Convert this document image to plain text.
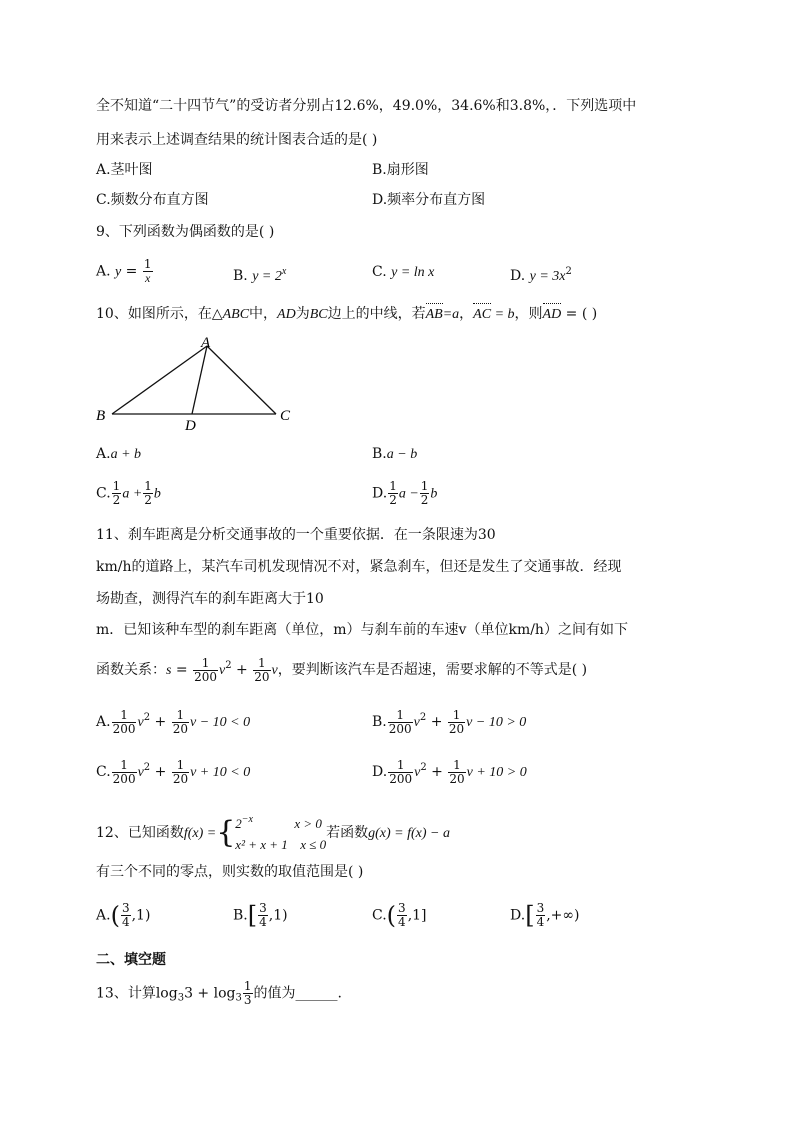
全不知道“二十四节气”的受访者分别占12.6%，49.0%，34.6%和3.8%，．下列选项中
用来表示上述调查结果的统计图表合适的是( )
A.茎叶图	B.扇形图
C.频数分布直方图	D.频率分布直方图
9、下列函数为偶函数的是( )
A. $y = \frac{1}{x}$	B. $y = 2^x$	C. y = ln x	D. $y = 3x^2$
10、如图所示，在△ABC中，AD为BC边上的中线，若AB=a，AC = b，则AD = ( )
A
B	C
D
A.a + b	B.a − b
C. $\frac{1}{2}$ $a + \frac{1}{2}$ b	D. $\frac{1}{2}$ $a - \frac{1}{2}$ b
11、刹车距离是分析交通事故的一个重要依据．在一条限速为30
km/h的道路上，某汽车司机发现情况不对，紧急刹车，但还是发生了交通事故．经现
场勘查，测得汽车的刹车距离大于10
m．已知该种车型的刹车距离（单位，m）与刹车前的车速v（单位km/h）之间有如下
函数关系：$s = \frac{1}{200} v^2 + \frac{1}{20}$ v，要判断该汽车是否超速，需要求解的不等式是( )
A. $\frac{1}{200} v^2 + \frac{1}{20}$ v − 10 < 0	B. $\frac{1}{200} v^2 + \frac{1}{20}$ v − 10 > 0
C. $\frac{1}{200} v^2 + \frac{1}{20}$ v + 10 < 0	D. $\frac{1}{200} v^2 + \frac{1}{20}$ v + 10 > 0
12、已知函数f(x) ={ $2^{-x}$	x > 0
x² + x + 1 x ≤ 0
若函数g(x) = f(x) − a
有三个不同的零点，则实数的取值范围是( )
$A.( \frac{3}{4} ,1)$	$B.[ \frac{3}{4} ,1)$	$C.( \frac{3}{4} ,1]$	$D.[ \frac{3}{4}$ ,+∞)
二、填空题
13、计算$\log_33 + \log_3 \frac{1}{3}$ 的值为______.
